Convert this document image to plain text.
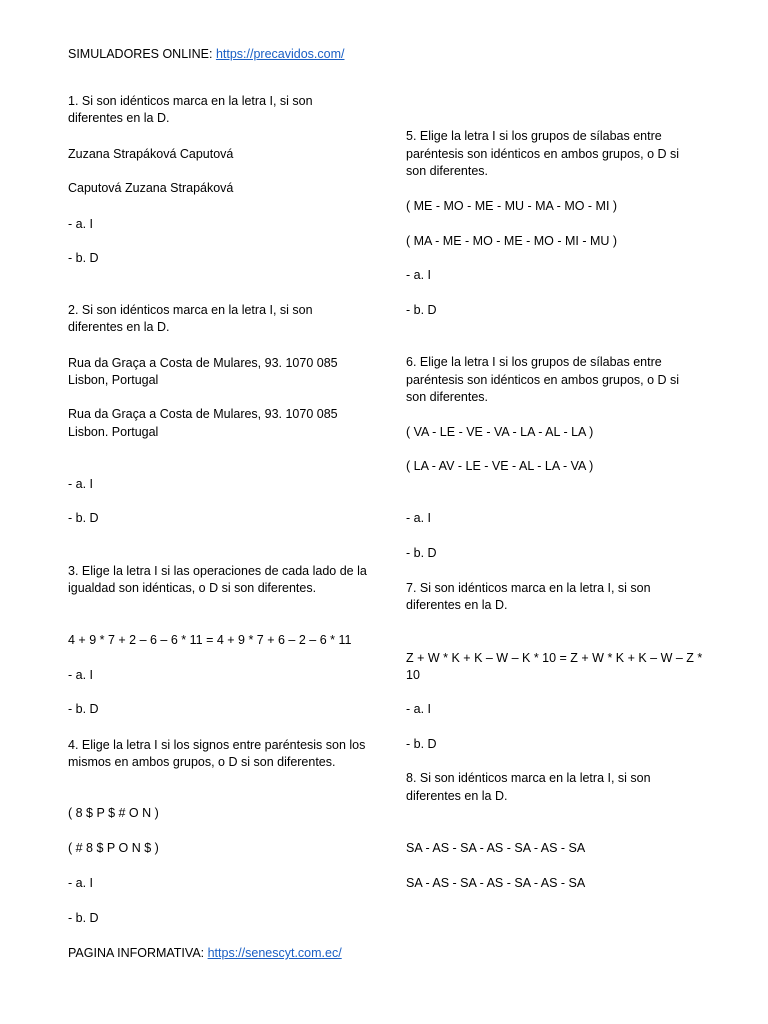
SIMULADORES ONLINE: https://precavidos.com/
1. Si son idénticos marca en la letra I, si son
diferentes en la D.
Zuzana Strapáková Caputová
Caputová Zuzana Strapáková
- a. I
- b. D
2. Si son idénticos marca en la letra I, si son
diferentes en la D.
Rua da Graça a Costa de Mulares, 93. 1070 085
Lisbon, Portugal
Rua da Graça a Costa de Mulares, 93. 1070 085
Lisbon. Portugal
- a. I
- b. D
3. Elige la letra I si las operaciones de cada lado de la
igualdad son idénticas, o D si son diferentes.
4 + 9 * 7 + 2 – 6 – 6 * 11 = 4 + 9 * 7 + 6 – 2 – 6 * 11
- a. I
- b. D
4. Elige la letra I si los signos entre paréntesis son los
mismos en ambos grupos, o D si son diferentes.
( 8 $ P $ # O N )
( # 8 $ P O N $ )
- a. I
- b. D
PAGINA INFORMATIVA: https://senescyt.com.ec/
5. Elige la letra I si los grupos de sílabas entre
paréntesis son idénticos en ambos grupos, o D si
son diferentes.
( ME - MO - ME - MU - MA - MO - MI )
( MA - ME - MO - ME - MO - MI - MU )
- a. I
- b. D
6. Elige la letra I si los grupos de sílabas entre
paréntesis son idénticos en ambos grupos, o D si
son diferentes.
( VA - LE - VE - VA - LA - AL - LA )
( LA - AV - LE - VE - AL - LA - VA )
- a. I
- b. D
7. Si son idénticos marca en la letra I, si son
diferentes en la D.
Z + W * K + K – W – K * 10 = Z + W * K + K – W – Z *
10
- a. I
- b. D
8. Si son idénticos marca en la letra I, si son
diferentes en la D.
SA - AS - SA - AS - SA - AS - SA
SA - AS - SA - AS - SA - AS - SA
